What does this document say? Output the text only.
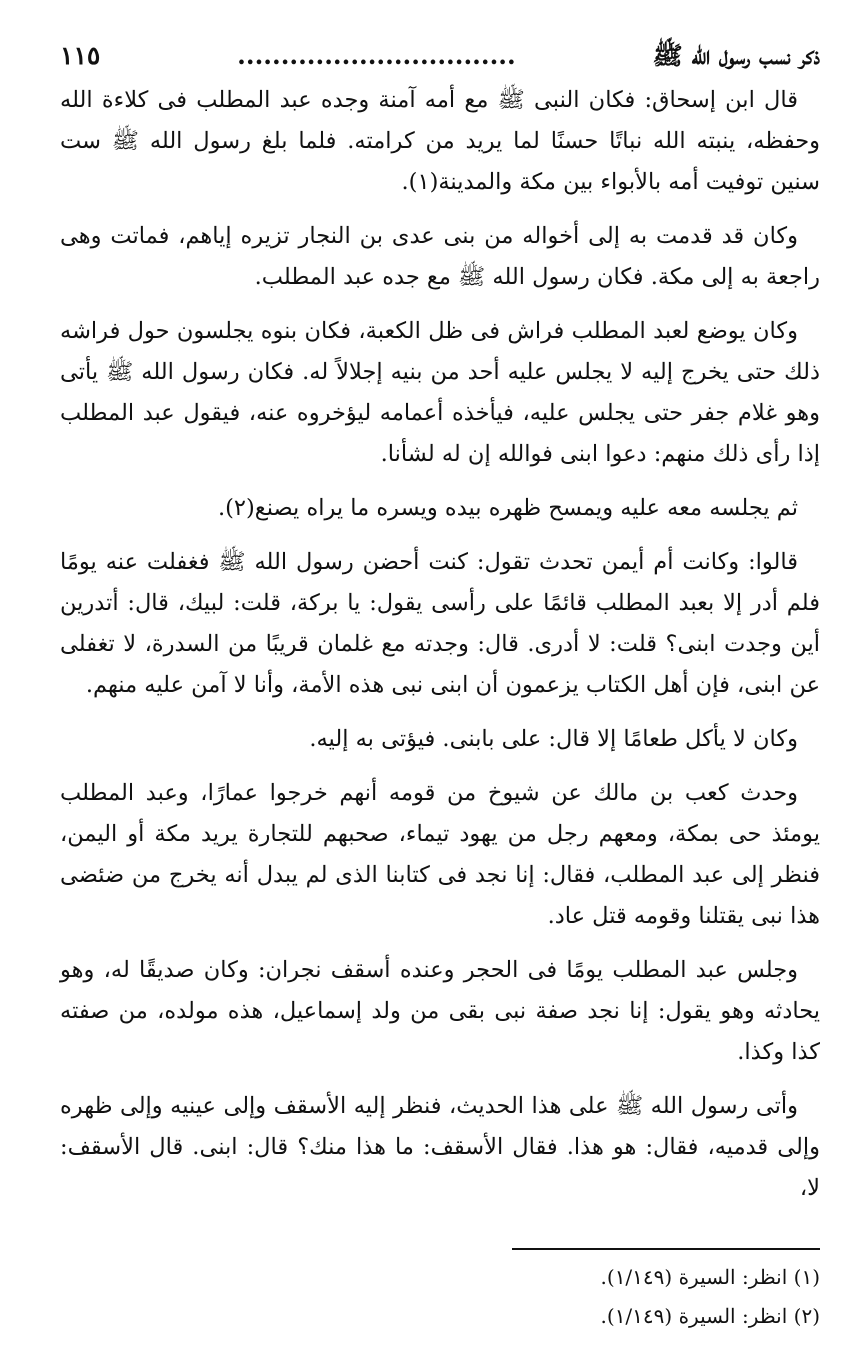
ذكر نسب رسول الله ﷺ
................................
١١٥

قال ابن إسحاق: فكان النبى ﷺ مع أمه آمنة وجده عبد المطلب فى كلاءة الله وحفظه، ينبته الله نباتًا حسنًا لما يريد من كرامته. فلما بلغ رسول الله ﷺ ست سنين توفيت أمه بالأبواء بين مكة والمدينة(١).

وكان قد قدمت به إلى أخواله من بنى عدى بن النجار تزيره إياهم، فماتت وهى راجعة به إلى مكة. فكان رسول الله ﷺ مع جده عبد المطلب.

وكان يوضع لعبد المطلب فراش فى ظل الكعبة، فكان بنوه يجلسون حول فراشه ذلك حتى يخرج إليه لا يجلس عليه أحد من بنيه إجلالاً له. فكان رسول الله ﷺ يأتى وهو غلام جفر حتى يجلس عليه، فيأخذه أعمامه ليؤخروه عنه، فيقول عبد المطلب إذا رأى ذلك منهم: دعوا ابنى فوالله إن له لشأنا.

ثم يجلسه معه عليه ويمسح ظهره بيده ويسره ما يراه يصنع(٢).

قالوا: وكانت أم أيمن تحدث تقول: كنت أحضن رسول الله ﷺ فغفلت عنه يومًا فلم أدر إلا بعبد المطلب قائمًا على رأسى يقول: يا بركة، قلت: لبيك، قال: أتدرين أين وجدت ابنى؟ قلت: لا أدرى. قال: وجدته مع غلمان قريبًا من السدرة، لا تغفلى عن ابنى، فإن أهل الكتاب يزعمون أن ابنى نبى هذه الأمة، وأنا لا آمن عليه منهم.

وكان لا يأكل طعامًا إلا قال: على بابنى. فيؤتى به إليه.

وحدث كعب بن مالك عن شيوخ من قومه أنهم خرجوا عمارًا، وعبد المطلب يومئذ حى بمكة، ومعهم رجل من يهود تيماء، صحبهم للتجارة يريد مكة أو اليمن، فنظر إلى عبد المطلب، فقال: إنا نجد فى كتابنا الذى لم يبدل أنه يخرج من ضئضى هذا نبى يقتلنا وقومه قتل عاد.

وجلس عبد المطلب يومًا فى الحجر وعنده أسقف نجران: وكان صديقًا له، وهو يحادثه وهو يقول: إنا نجد صفة نبى بقى من ولد إسماعيل، هذه مولده، من صفته كذا وكذا.

وأتى رسول الله ﷺ على هذا الحديث، فنظر إليه الأسقف وإلى عينيه وإلى ظهره وإلى قدميه، فقال: هو هذا. فقال الأسقف: ما هذا منك؟ قال: ابنى. قال الأسقف: لا،

(١) انظر: السيرة (١/١٤٩).
(٢) انظر: السيرة (١/١٤٩).
